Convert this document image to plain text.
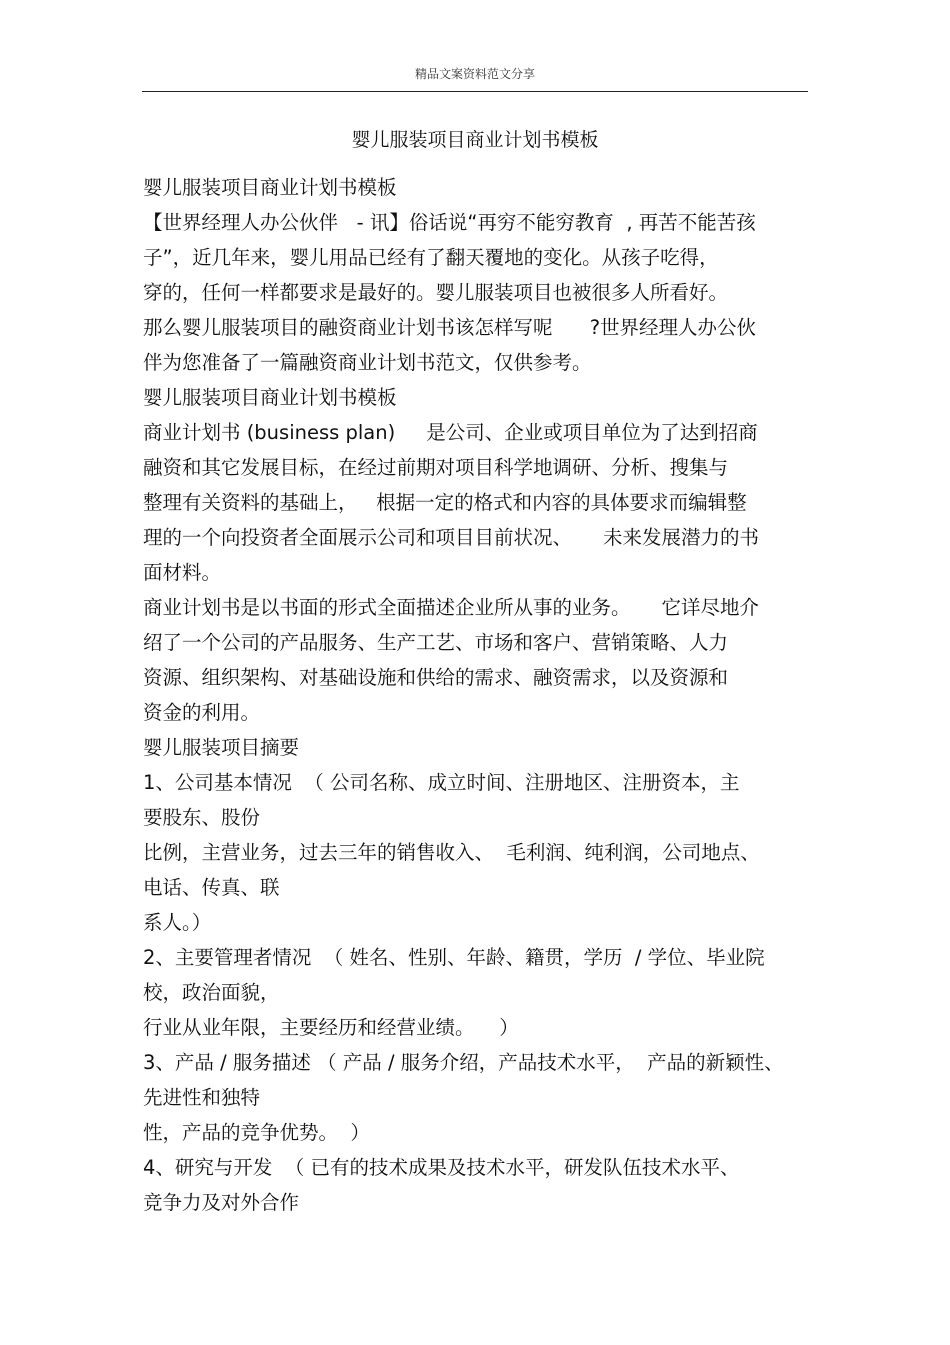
精品文案资料范文分享
婴儿服装项目商业计划书模板
婴儿服装项目商业计划书模板
【世界经理人办公伙伴   - 讯】俗话说“再穷不能穷教育  , 再苦不能苦孩
子”，近几年来，婴儿用品已经有了翻天覆地的变化。从孩子吃得，
穿的，任何一样都要求是最好的。婴儿服装项目也被很多人所看好。
那么婴儿服装项目的融资商业计划书该怎样写呢      ?世界经理人办公伙
伴为您准备了一篇融资商业计划书范文，仅供参考。
婴儿服装项目商业计划书模板
商业计划书 (business plan)     是公司、企业或项目单位为了达到招商
融资和其它发展目标，在经过前期对项目科学地调研、分析、搜集与
整理有关资料的基础上，   根据一定的格式和内容的具体要求而编辑整
理的一个向投资者全面展示公司和项目目前状况、     未来发展潜力的书
面材料。
商业计划书是以书面的形式全面描述企业所从事的业务。     它详尽地介
绍了一个公司的产品服务、生产工艺、市场和客户、营销策略、人力
资源、组织架构、对基础设施和供给的需求、融资需求，以及资源和
资金的利用。
婴儿服装项目摘要
1、公司基本情况  （ 公司名称、成立时间、注册地区、注册资本，主
要股东、股份
比例，主营业务，过去三年的销售收入、  毛利润、纯利润，公司地点、
电话、传真、联
系人。）
2、主要管理者情况  （ 姓名、性别、年龄、籍贯，学历  / 学位、毕业院
校，政治面貌，
行业从业年限，主要经历和经营业绩。    ）
3、产品 / 服务描述 （ 产品 / 服务介绍，产品技术水平，  产品的新颖性、
先进性和独特
性，产品的竞争优势。  ）
4、研究与开发  （ 已有的技术成果及技术水平，研发队伍技术水平、
竞争力及对外合作
